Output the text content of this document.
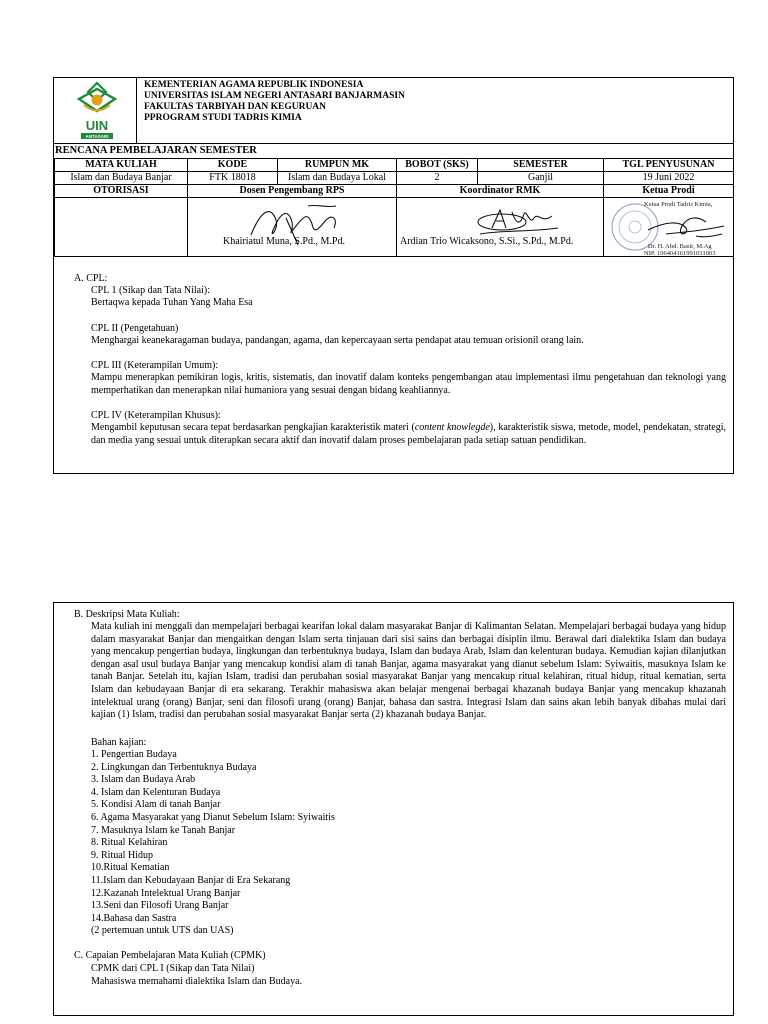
UIN
ANTASARI
KEMENTERIAN AGAMA REPUBLIK INDONESIA
UNIVERSITAS ISLAM NEGERI ANTASARI BANJARMASIN
FAKULTAS TARBIYAH DAN KEGURUAN
PPROGRAM STUDI TADRIS KIMIA
RENCANA PEMBELAJARAN SEMESTER
MATA KULIAH	KODE	RUMPUN MK	BOBOT (SKS)	SEMESTER	TGL PENYUSUNAN
Islam dan Budaya Banjar	FTK 18018	Islam dan Budaya Lokal	2	Ganjil	19 Juni 2022
OTORISASI	Dosen Pengembang RPS		Koordinator RMK		Ketua Prodi

	Khairiatul Muna, S.Pd., M.Pd.		Ardian Trio Wicaksono, S.Si., S.Pd., M.Pd.		Ketua Prodi Tadris Kimia,
Dr. H. Abd. Basir, M.Ag
NIP. 196404161991031003
A. CPL:
CPL 1 (Sikap dan Tata Nilai):
Bertaqwa kepada Tuhan Yang Maha Esa
CPL II (Pengetahuan)
Menghargai keanekaragaman budaya, pandangan, agama, dan kepercayaan serta pendapat atau temuan orisionil orang lain.
CPL III (Keterampilan Umum):
Mampu menerapkan pemikiran logis, kritis, sistematis, dan inovatif dalam konteks pengembangan atau implementasi ilmu pengetahuan dan teknologi yang memperhatikan dan menerapkan nilai humaniora yang sesuai dengan bidang keahliannya.
CPL IV (Keterampilan Khusus):
Mengambil keputusan secara tepat berdasarkan pengkajian karakteristik materi (content knowlegde), karakteristik siswa, metode, model, pendekatan, strategi, dan media yang sesuai untuk diterapkan secara aktif dan inovatif dalam proses pembelajaran pada setiap satuan pendidikan.
B. Deskripsi Mata Kuliah:
Mata kuliah ini menggali dan mempelajari berbagai kearifan lokal dalam masyarakat Banjar di Kalimantan Selatan. Mempelajari berbagai budaya yang hidup dalam masyarakat Banjar dan mengaitkan dengan Islam serta tinjauan dari sisi sains dan berbagai disiplin ilmu. Berawal dari dialektika Islam dan budaya yang mencakup pengertian budaya, lingkungan dan terbentuknya budaya, Islam dan budaya Arab, Islam dan kelenturan budaya. Kemudian kajian dilanjutkan dengan asal usul budaya Banjar yang mencakup kondisi alam di tanah Banjar, agama masyarakat yang dianut sebelum Islam: Syiwaitis, masuknya Islam ke tanah Banjar. Setelah itu, kajian Islam, tradisi dan perubahan sosial masyarakat Banjar yang mencakup ritual kelahiran, ritual hidup, ritual kematian, serta Islam dan kebudayaan Banjar di era sekarang. Terakhir mahasiswa akan belajar mengenai berbagai khazanah budaya Banjar yang mencakup khazanah intelektual urang (orang) Banjar, seni dan filosofi urang (orang) Banjar, bahasa dan sastra. Integrasi Islam dan sains akan lebih banyak dibahas mulai dari kajian (1) Islam, tradisi dan perubahan sosial masyarakat Banjar serta (2) khazanah budaya Banjar.
Bahan kajian:
1. Pengertian Budaya
2. Lingkungan dan Terbentuknya Budaya
3. Islam dan Budaya Arab
4. Islam dan Kelenturan Budaya
5. Kondisi Alam di tanah Banjar
6. Agama Masyarakat yang Dianut Sebelum Islam: Syiwaitis
7. Masuknya Islam ke Tanah Banjar
8. Ritual Kelahiran
9. Ritual Hidup
10.Ritual Kematian
11.Islam dan Kebudayaan Banjar di Era Sekarang
12.Kazanah Intelektual Urang Banjar
13.Seni dan Filosofi Urang Banjar
14.Bahasa dan Sastra
(2 pertemuan untuk UTS dan UAS)
C. Capaian Pembelajaran Mata Kuliah (CPMK)
CPMK dari CPL I (Sikap dan Tata Nilai)
Mahasiswa memahami dialektika Islam dan Budaya.
